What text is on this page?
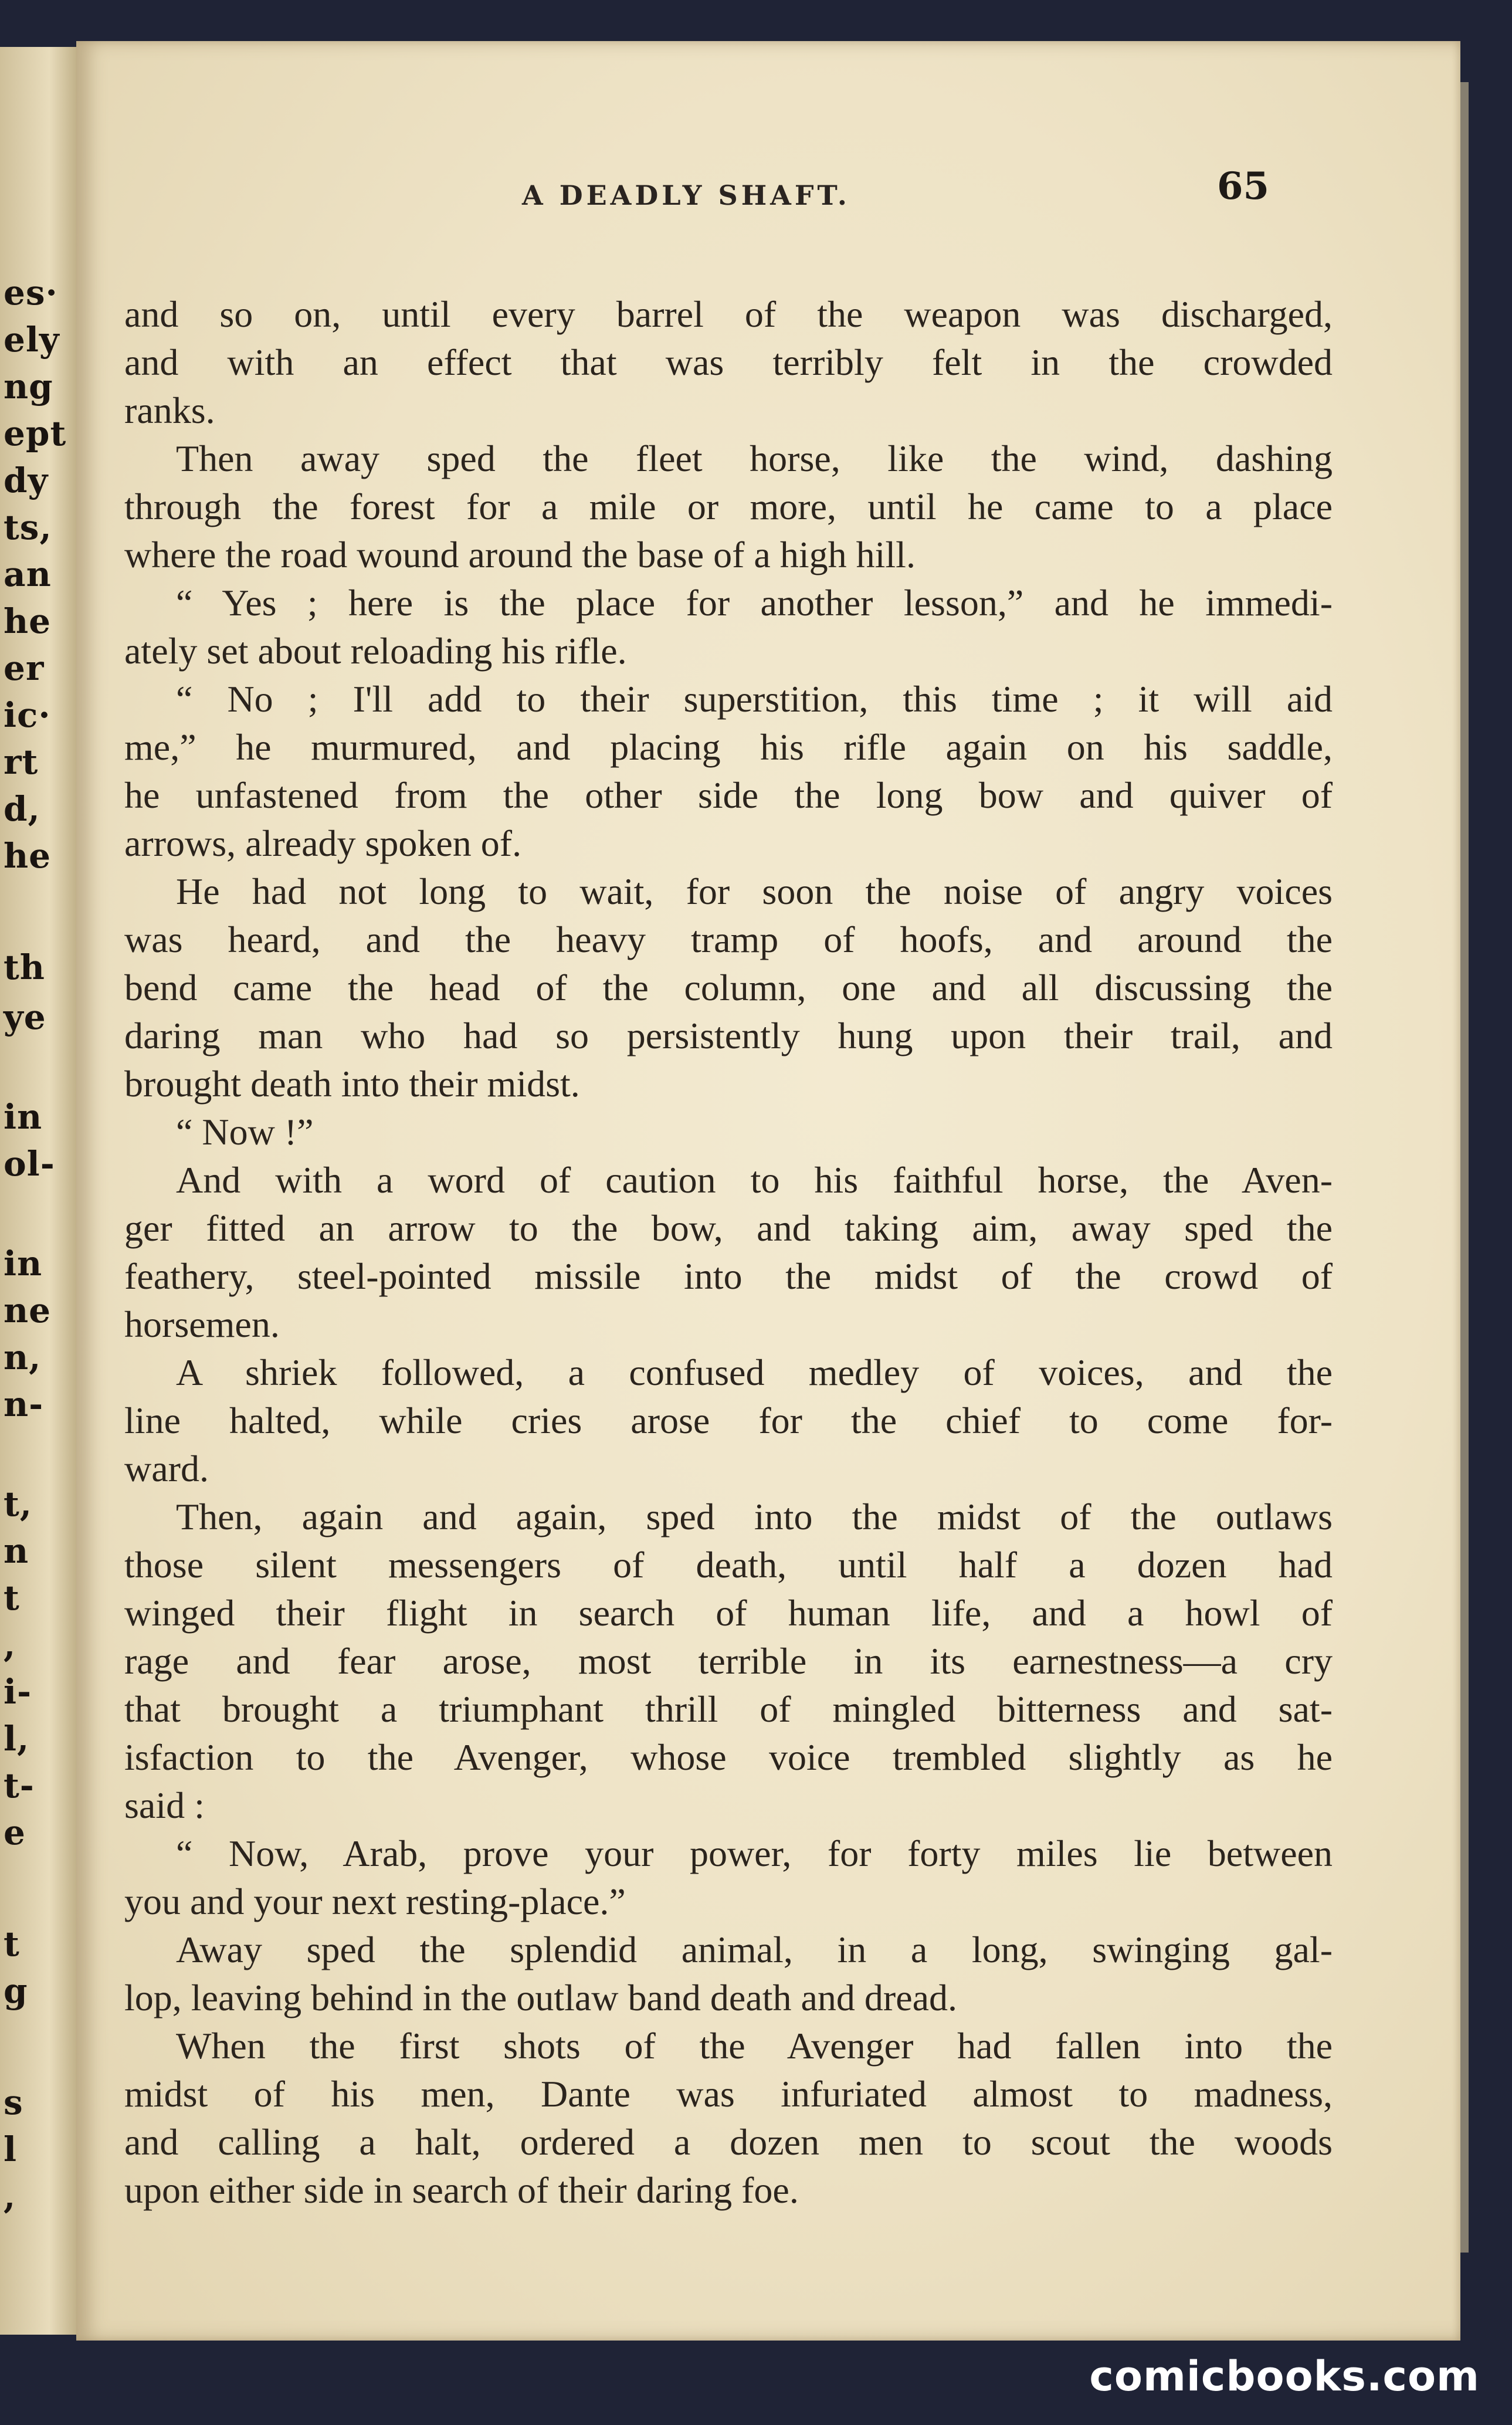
es·
ely
ng
ept
dy
ts,
an
he
er
ic·
rt
d,
he
th
ye
in
ol-
in
ne
n,
n-
t,
n
t
,
i-
l,
t-
e
t
g
s
l
,
A DEADLY SHAFT.	65
and so on, until every barrel of the weapon was discharged,
and with an effect that was terribly felt in the crowded
ranks.
Then away sped the fleet horse, like the wind, dashing
through the forest for a mile or more, until he came to a place
where the road wound around the base of a high hill.
“ Yes ; here is the place for another lesson,” and he immedi-
ately set about reloading his rifle.
“ No ; I'll add to their superstition, this time ; it will aid
me,” he murmured, and placing his rifle again on his saddle,
he unfastened from the other side the long bow and quiver of
arrows, already spoken of.
He had not long to wait, for soon the noise of angry voices
was heard, and the heavy tramp of hoofs, and around the
bend came the head of the column, one and all discussing the
daring man who had so persistently hung upon their trail, and
brought death into their midst.
“ Now !”
And with a word of caution to his faithful horse, the Aven-
ger fitted an arrow to the bow, and taking aim, away sped the
feathery, steel-pointed missile into the midst of the crowd of
horsemen.
A shriek followed, a confused medley of voices, and the
line halted, while cries arose for the chief to come for-
ward.
Then, again and again, sped into the midst of the outlaws
those silent messengers of death, until half a dozen had
winged their flight in search of human life, and a howl of
rage and fear arose, most terrible in its earnestness—a cry
that brought a triumphant thrill of mingled bitterness and sat-
isfaction to the Avenger, whose voice trembled slightly as he
said :
“ Now, Arab, prove your power, for forty miles lie between
you and your next resting-place.”
Away sped the splendid animal, in a long, swinging gal-
lop, leaving behind in the outlaw band death and dread.
When the first shots of the Avenger had fallen into the
midst of his men, Dante was infuriated almost to madness,
and calling a halt, ordered a dozen men to scout the woods
upon either side in search of their daring foe.
comicbooks.com
